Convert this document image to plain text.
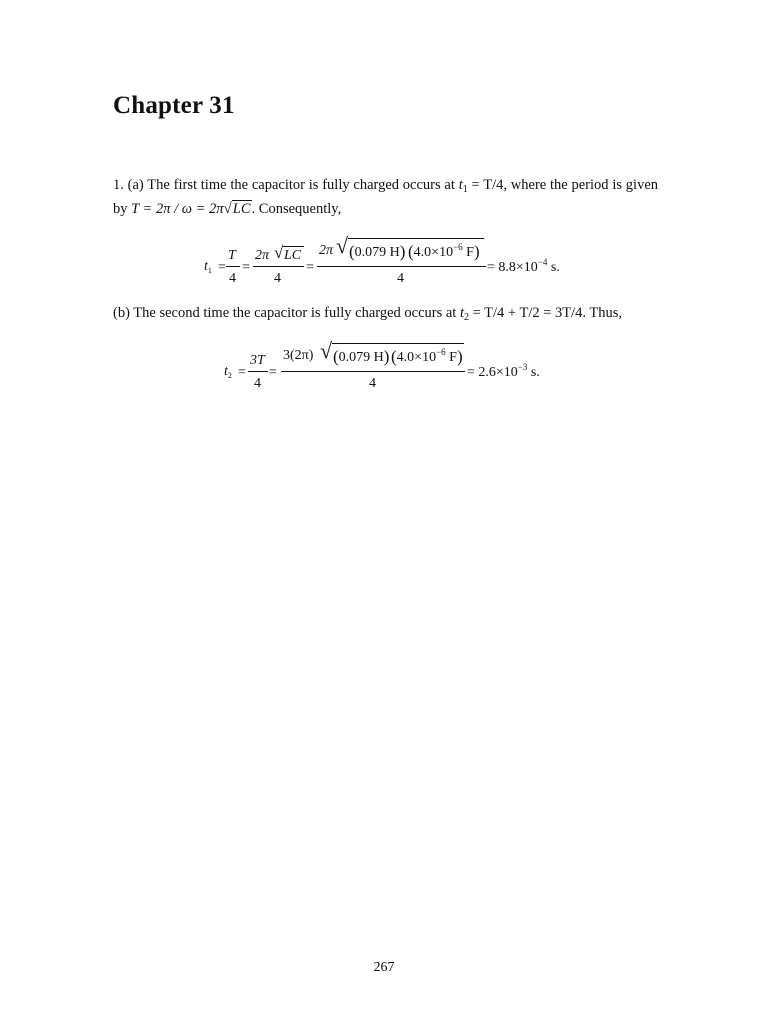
Chapter 31

1. (a) The first time the capacitor is fully charged occurs at $t_1 = T/4$, where the period is given by T = 2π / ω = 2π√LC. Consequently,

$t_1$ =
T
4
=
2π √ LC
4
=
2π √ (0.079 H) ($4.0\times 10^{-6}$ F)
4
= $8.8\times 10^{-4}$ s.

(b) The second time the capacitor is fully charged occurs at $t_2 = T/4 + T/2 = 3T/4$. Thus,

$t_2$ =
3T
4
=
3(2π) √ (0.079 H) ($4.0\times 10^{-6}$ F)
4
= $2.6\times 10^{-3}$ s.
267
